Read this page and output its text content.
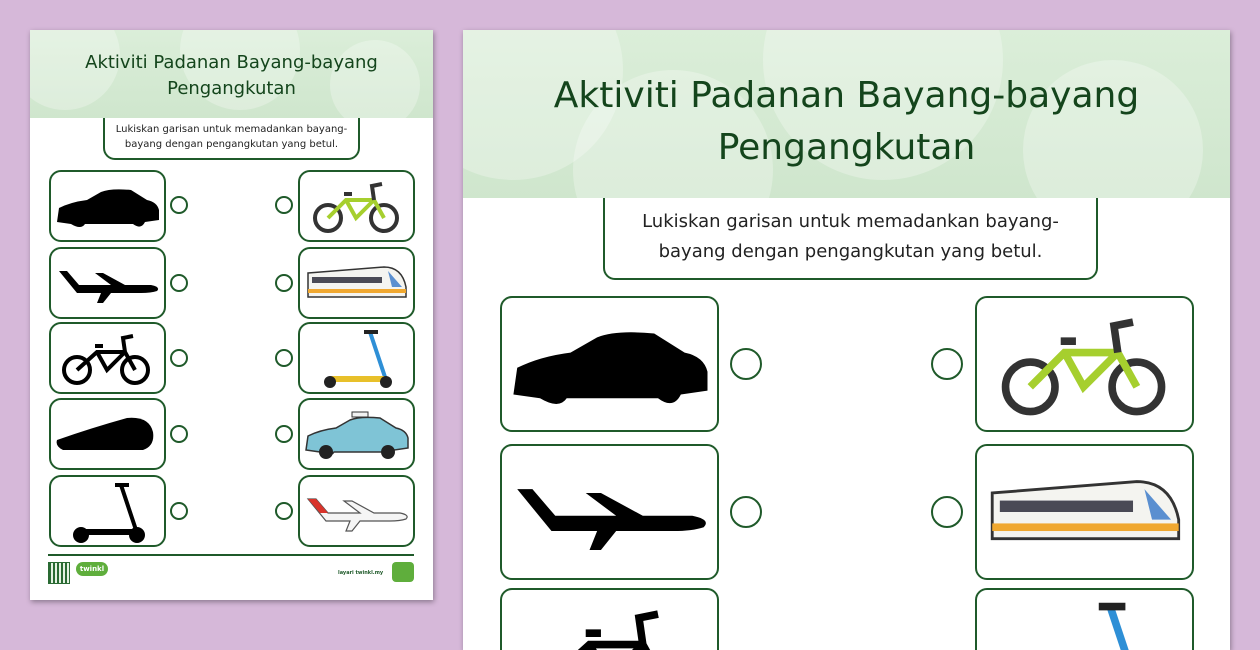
Aktiviti Padanan Bayang-bayang
Pengangkutan
Lukiskan garisan untuk memadankan bayang-
bayang dengan pengangkutan yang betul.
twinkl	layari twinkl.my
Aktiviti Padanan Bayang-bayang
Pengangkutan
Lukiskan garisan untuk memadankan bayang-
bayang dengan pengangkutan yang betul.
